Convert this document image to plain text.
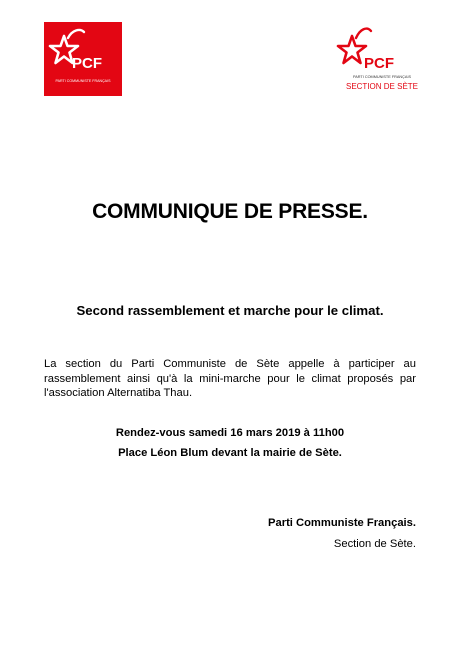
PCF
PARTI COMMUNISTE FRANÇAIS
PCF
PARTI COMMUNISTE FRANÇAIS
SECTION DE SÈTE
COMMUNIQUE DE PRESSE.
Second rassemblement et marche pour le climat.
La section du Parti Communiste de Sète appelle à participer au rassemblement ainsi qu'à la mini-marche pour le climat proposés par l'association Alternatiba Thau.
Rendez-vous samedi 16 mars 2019 à 11h00
Place Léon Blum devant la mairie de Sète.
Parti Communiste Français.
Section de Sète.
